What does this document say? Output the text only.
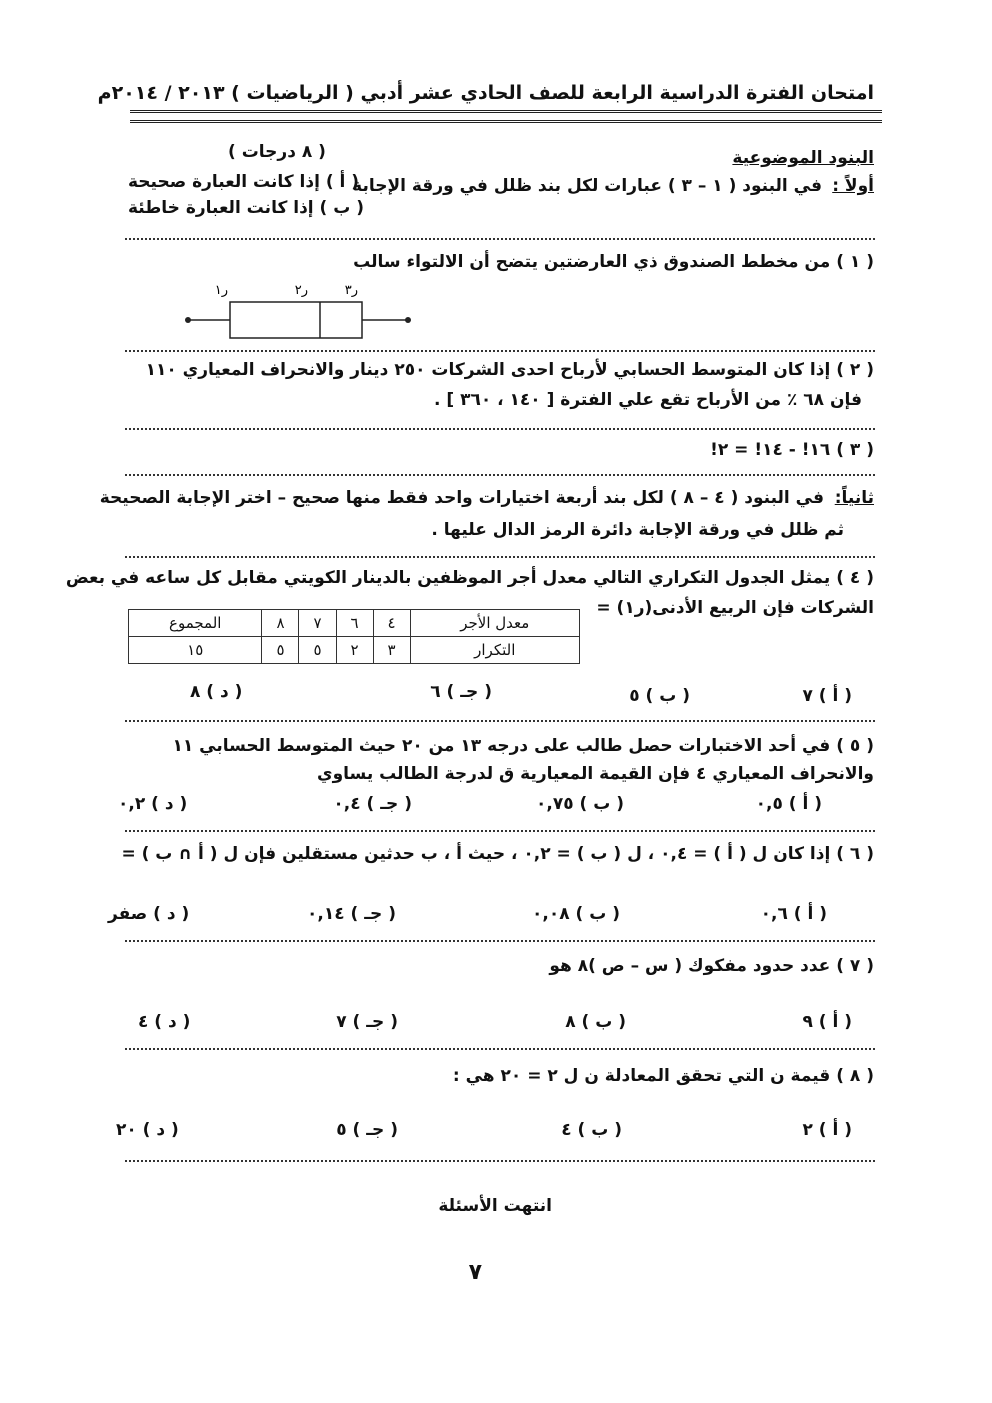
امتحان الفترة الدراسية الرابعة للصف الحادي عشر أدبي ( الرياضيات ) ٢٠١٣ / ٢٠١٤م
البنود الموضوعية
( ٨ درجات )
أولاً :
في البنود ( ١ – ٣ ) عبارات لكل بند ظلل في ورقة الإجابة
( أ ) إذا كانت العبارة صحيحة
( ب ) إذا كانت العبارة خاطئة
( ١ ) من مخطط الصندوق ذي العارضتين يتضح أن الالتواء سالب
ر١	ر٢	ر٣
( ٢ ) إذا كان المتوسط الحسابي لأرباح احدى الشركات ٢٥٠ دينار والانحراف المعياري ١١٠
فإن ٦٨ ٪ من الأرباح تقع علي الفترة [ ١٤٠ ، ٣٦٠ ] .
( ٣ ) ١٦! - ١٤! = ٢!
ثانياً:
في البنود ( ٤ – ٨ ) لكل بند أربعة اختيارات واحد فقط منها صحيح – اختر الإجابة الصحيحة
ثم ظلل في ورقة الإجابة دائرة الرمز الدال عليها .
( ٤ ) يمثل الجدول التكراري التالي معدل أجر الموظفين بالدينار الكويتي مقابل كل ساعه في بعض
الشركات فإن الربيع الأدنى(ر١) =
معدل الأجر	٤	٦	٧	٨	المجموع
التكرار	٣	٢	٥	٥	١٥
( أ ) ٧
( ب ) ٥
( جـ ) ٦
( د ) ٨
( ٥ ) في أحد الاختبارات حصل طالب على درجه ١٣ من ٢٠ حيث المتوسط الحسابي ١١
والانحراف المعياري ٤ فإن القيمة المعيارية ق لدرجة الطالب يساوي
( أ ) ٠,٥
( ب ) ٠,٧٥
( جـ ) ٠,٤
( د ) ٠,٢
( ٦ ) إذا كان ل ( أ ) = ٠,٤ ، ل ( ب ) = ٠,٢ ، حيث أ ، ب حدثين مستقلين فإن ل ( أ ∩ ب ) =
( أ ) ٠,٦
( ب ) ٠,٠٨
( جـ ) ٠,١٤
( د ) صفر
( ٧ ) عدد حدود مفكوك ( س – ص )٨ هو
( أ ) ٩
( ب ) ٨
( جـ ) ٧
( د ) ٤
( ٨ ) قيمة ن التي تحقق المعادلة ن ل ٢ = ٢٠ هي :
( أ ) ٢
( ب ) ٤
( جـ ) ٥
( د ) ٢٠
انتهت الأسئلة
٧
